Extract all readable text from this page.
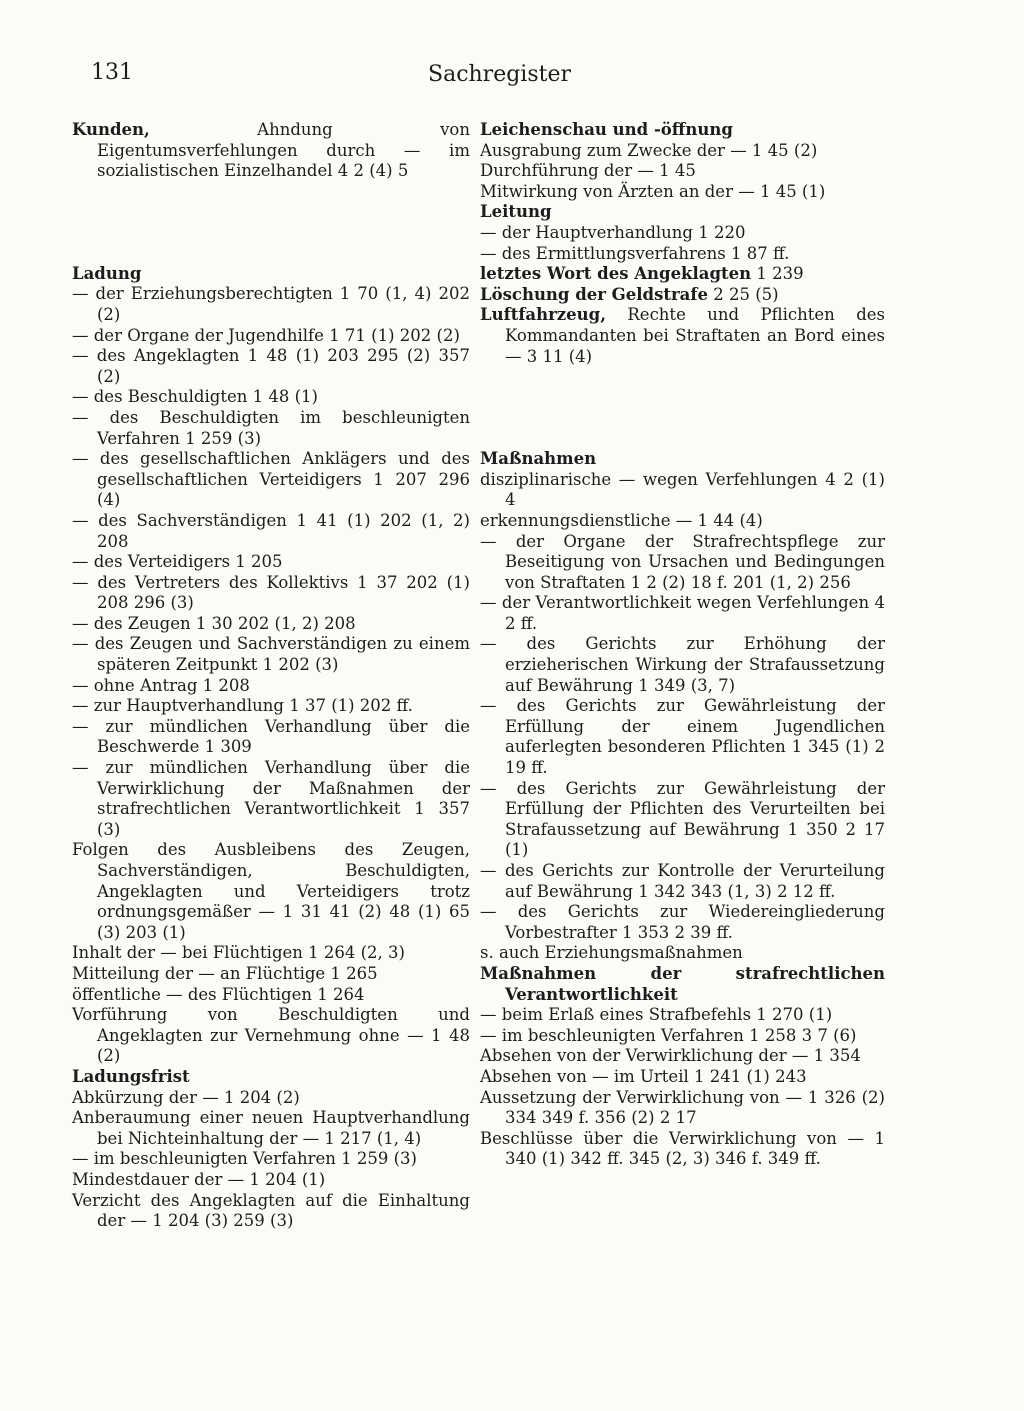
131	Sachregister
Kunden, Ahndung von Eigentumsverfehlungen durch — im sozialistischen Einzelhandel 4 2 (4) 5
Ladung
— der Erziehungsberechtigten 1 70 (1, 4) 202 (2)
— der Organe der Jugendhilfe 1 71 (1) 202 (2)
— des Angeklagten 1 48 (1) 203 295 (2) 357 (2)
— des Beschuldigten 1 48 (1)
— des Beschuldigten im beschleunigten Verfahren 1 259 (3)
— des gesellschaftlichen Anklägers und des gesellschaftlichen Verteidigers 1 207 296 (4)
— des Sachverständigen 1 41 (1) 202 (1, 2) 208
— des Verteidigers 1 205
— des Vertreters des Kollektivs 1 37 202 (1) 208 296 (3)
— des Zeugen 1 30 202 (1, 2) 208
— des Zeugen und Sachverständigen zu einem späteren Zeitpunkt 1 202 (3)
— ohne Antrag 1 208
— zur Hauptverhandlung 1 37 (1) 202 ff.
— zur mündlichen Verhandlung über die Beschwerde 1 309
— zur mündlichen Verhandlung über die Verwirklichung der Maßnahmen der strafrechtlichen Verantwortlichkeit 1 357 (3)
Folgen des Ausbleibens des Zeugen, Sachverständigen, Beschuldigten, Angeklagten und Verteidigers trotz ordnungsgemäßer — 1 31 41 (2) 48 (1) 65 (3) 203 (1)
Inhalt der — bei Flüchtigen 1 264 (2, 3)
Mitteilung der — an Flüchtige 1 265
öffentliche — des Flüchtigen 1 264
Vorführung von Beschuldigten und Angeklagten zur Vernehmung ohne — 1 48 (2)
Ladungsfrist
Abkürzung der — 1 204 (2)
Anberaumung einer neuen Hauptverhandlung bei Nichteinhaltung der — 1 217 (1, 4)
— im beschleunigten Verfahren 1 259 (3)
Mindestdauer der — 1 204 (1)
Verzicht des Angeklagten auf die Einhaltung der — 1 204 (3) 259 (3)
Leichenschau und -öffnung
Ausgrabung zum Zwecke der — 1 45 (2)
Durchführung der — 1 45
Mitwirkung von Ärzten an der — 1 45 (1)
Leitung
— der Hauptverhandlung 1 220
— des Ermittlungsverfahrens 1 87 ff.
letztes Wort des Angeklagten 1 239
Löschung der Geldstrafe 2 25 (5)
Luftfahrzeug, Rechte und Pflichten des Kommandanten bei Straftaten an Bord eines — 3 11 (4)
Maßnahmen
disziplinarische — wegen Verfehlungen 4 2 (1) 4
erkennungsdienstliche — 1 44 (4)
— der Organe der Strafrechtspflege zur Beseitigung von Ursachen und Bedingungen von Straftaten 1 2 (2) 18 f. 201 (1, 2) 256
— der Verantwortlichkeit wegen Verfehlungen 4 2 ff.
— des Gerichts zur Erhöhung der erzieherischen Wirkung der Strafaussetzung auf Bewährung 1 349 (3, 7)
— des Gerichts zur Gewährleistung der Erfüllung der einem Jugendlichen auferlegten besonderen Pflichten 1 345 (1) 2 19 ff.
— des Gerichts zur Gewährleistung der Erfüllung der Pflichten des Verurteilten bei Strafaussetzung auf Bewährung 1 350 2 17 (1)
— des Gerichts zur Kontrolle der Verurteilung auf Bewährung 1 342 343 (1, 3) 2 12 ff.
— des Gerichts zur Wiedereingliederung Vorbestrafter 1 353 2 39 ff.
s. auch Erziehungsmaßnahmen
Maßnahmen der strafrechtlichen Verantwortlichkeit
— beim Erlaß eines Strafbefehls 1 270 (1)
— im beschleunigten Verfahren 1 258 3 7 (6)
Absehen von der Verwirklichung der — 1 354
Absehen von — im Urteil 1 241 (1) 243
Aussetzung der Verwirklichung von — 1 326 (2) 334 349 f. 356 (2) 2 17
Beschlüsse über die Verwirklichung von — 1 340 (1) 342 ff. 345 (2, 3) 346 f. 349 ff.
